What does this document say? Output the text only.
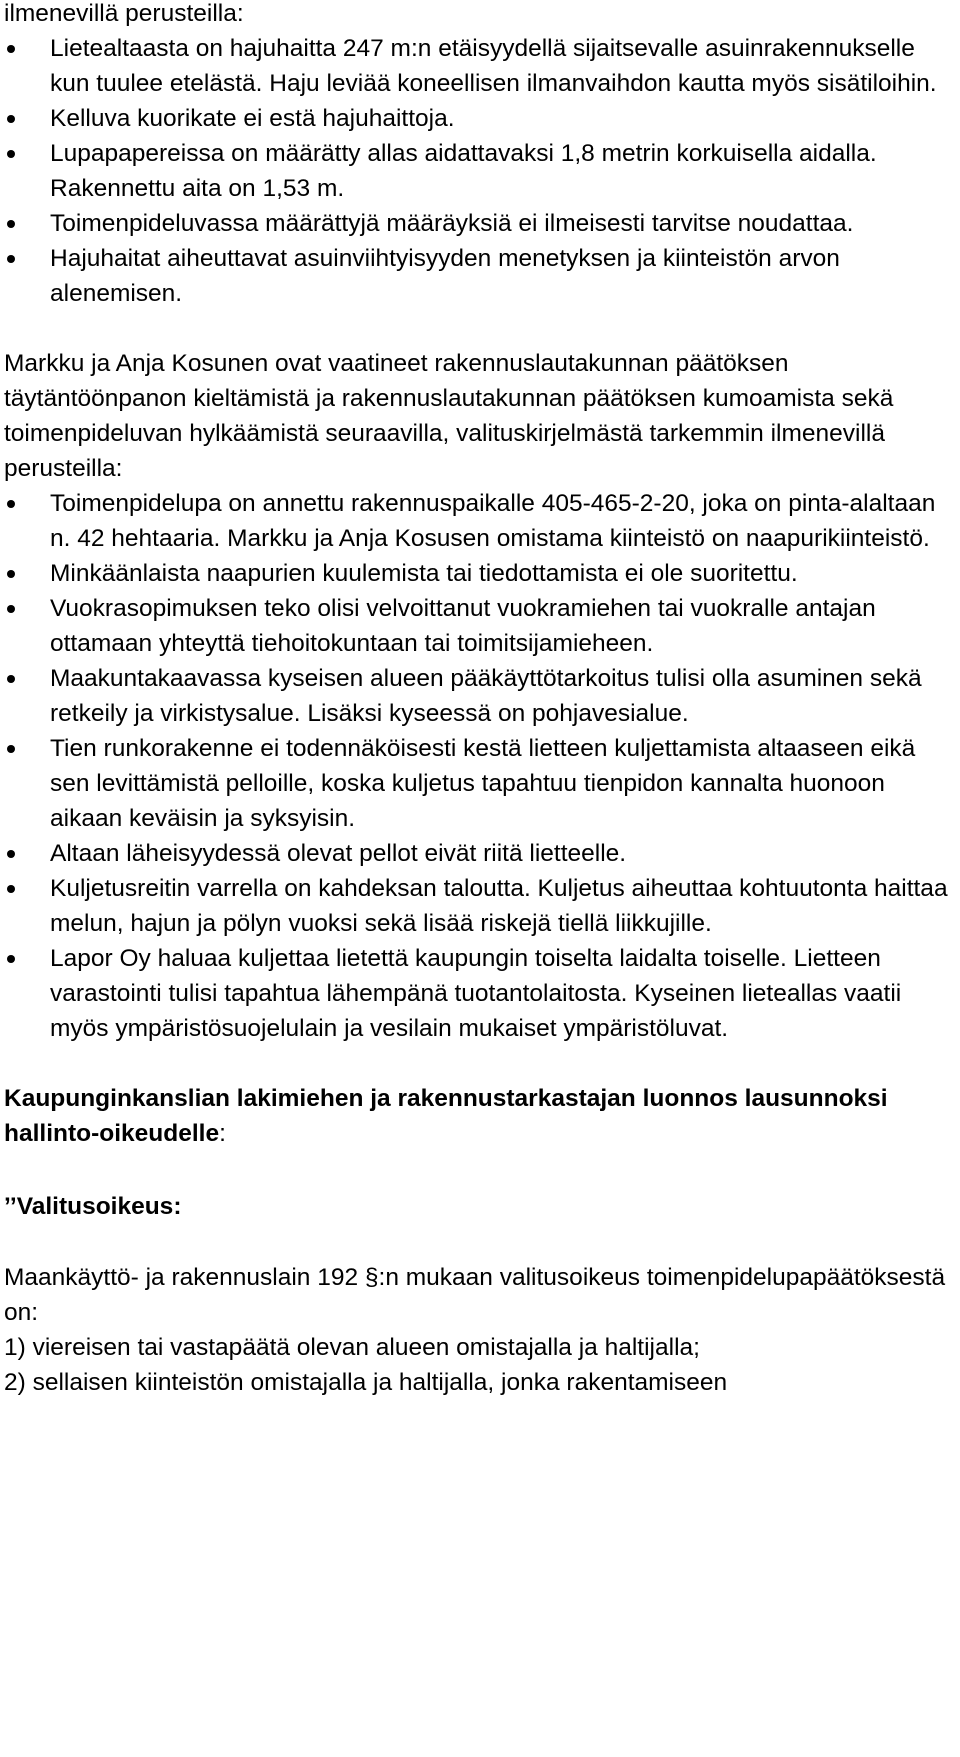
ilmenevillä perusteilla:

Lietealtaasta on hajuhaitta 247 m:n etäisyydellä sijaitsevalle asuinrakennukselle kun tuulee etelästä. Haju leviää koneellisen ilmanvaihdon kautta myös sisätiloihin.
Kelluva kuorikate ei estä hajuhaittoja.
Lupapapereissa on määrätty allas aidattavaksi 1,8 metrin korkuisella aidalla. Rakennettu aita on 1,53 m.
Toimenpideluvassa määrättyjä määräyksiä ei ilmeisesti tarvitse noudattaa.
Hajuhaitat aiheuttavat asuinviihtyisyyden menetyksen ja kiinteistön arvon alenemisen.

Markku ja Anja Kosunen ovat vaatineet rakennuslautakunnan päätöksen täytäntöönpanon kieltämistä ja rakennuslautakunnan päätöksen kumoamista sekä toimenpideluvan hylkäämistä seuraavilla, valituskirjelmästä tarkemmin ilmenevillä perusteilla:

Toimenpidelupa on annettu rakennuspaikalle 405-465-2-20, joka on pinta-alaltaan n. 42 hehtaaria. Markku ja Anja Kosusen omistama kiinteistö on naapurikiinteistö.
Minkäänlaista naapurien kuulemista tai tiedottamista ei ole suoritettu.
Vuokrasopimuksen teko olisi velvoittanut vuokramiehen tai vuokralle antajan ottamaan yhteyttä tiehoitokuntaan tai toimitsijamieheen.
Maakuntakaavassa kyseisen alueen pääkäyttötarkoitus tulisi olla asuminen sekä retkeily ja virkistysalue. Lisäksi kyseessä on pohjavesialue.
Tien runkorakenne ei todennäköisesti kestä lietteen kuljettamista altaaseen eikä sen levittämistä pelloille, koska kuljetus tapahtuu tienpidon kannalta huonoon aikaan keväisin ja syksyisin.
Altaan läheisyydessä olevat pellot eivät riitä lietteelle.
Kuljetusreitin varrella on kahdeksan taloutta. Kuljetus aiheuttaa kohtuutonta haittaa melun, hajun ja pölyn vuoksi sekä lisää riskejä tiellä liikkujille.
Lapor Oy haluaa kuljettaa lietettä kaupungin toiselta laidalta toiselle. Lietteen varastointi tulisi tapahtua lähempänä tuotantolaitosta. Kyseinen lieteallas vaatii myös ympäristösuojelulain ja vesilain mukaiset ympäristöluvat.

Kaupunginkanslian lakimiehen ja rakennustarkastajan luonnos lausunnoksi hallinto-oikeudelle:

’’Valitusoikeus:

Maankäyttö- ja rakennuslain 192 §:n mukaan valitusoikeus toimenpidelupapäätöksestä on:

1) viereisen tai vastapäätä olevan alueen omistajalla ja haltijalla;

2) sellaisen kiinteistön omistajalla ja haltijalla, jonka rakentamiseen
